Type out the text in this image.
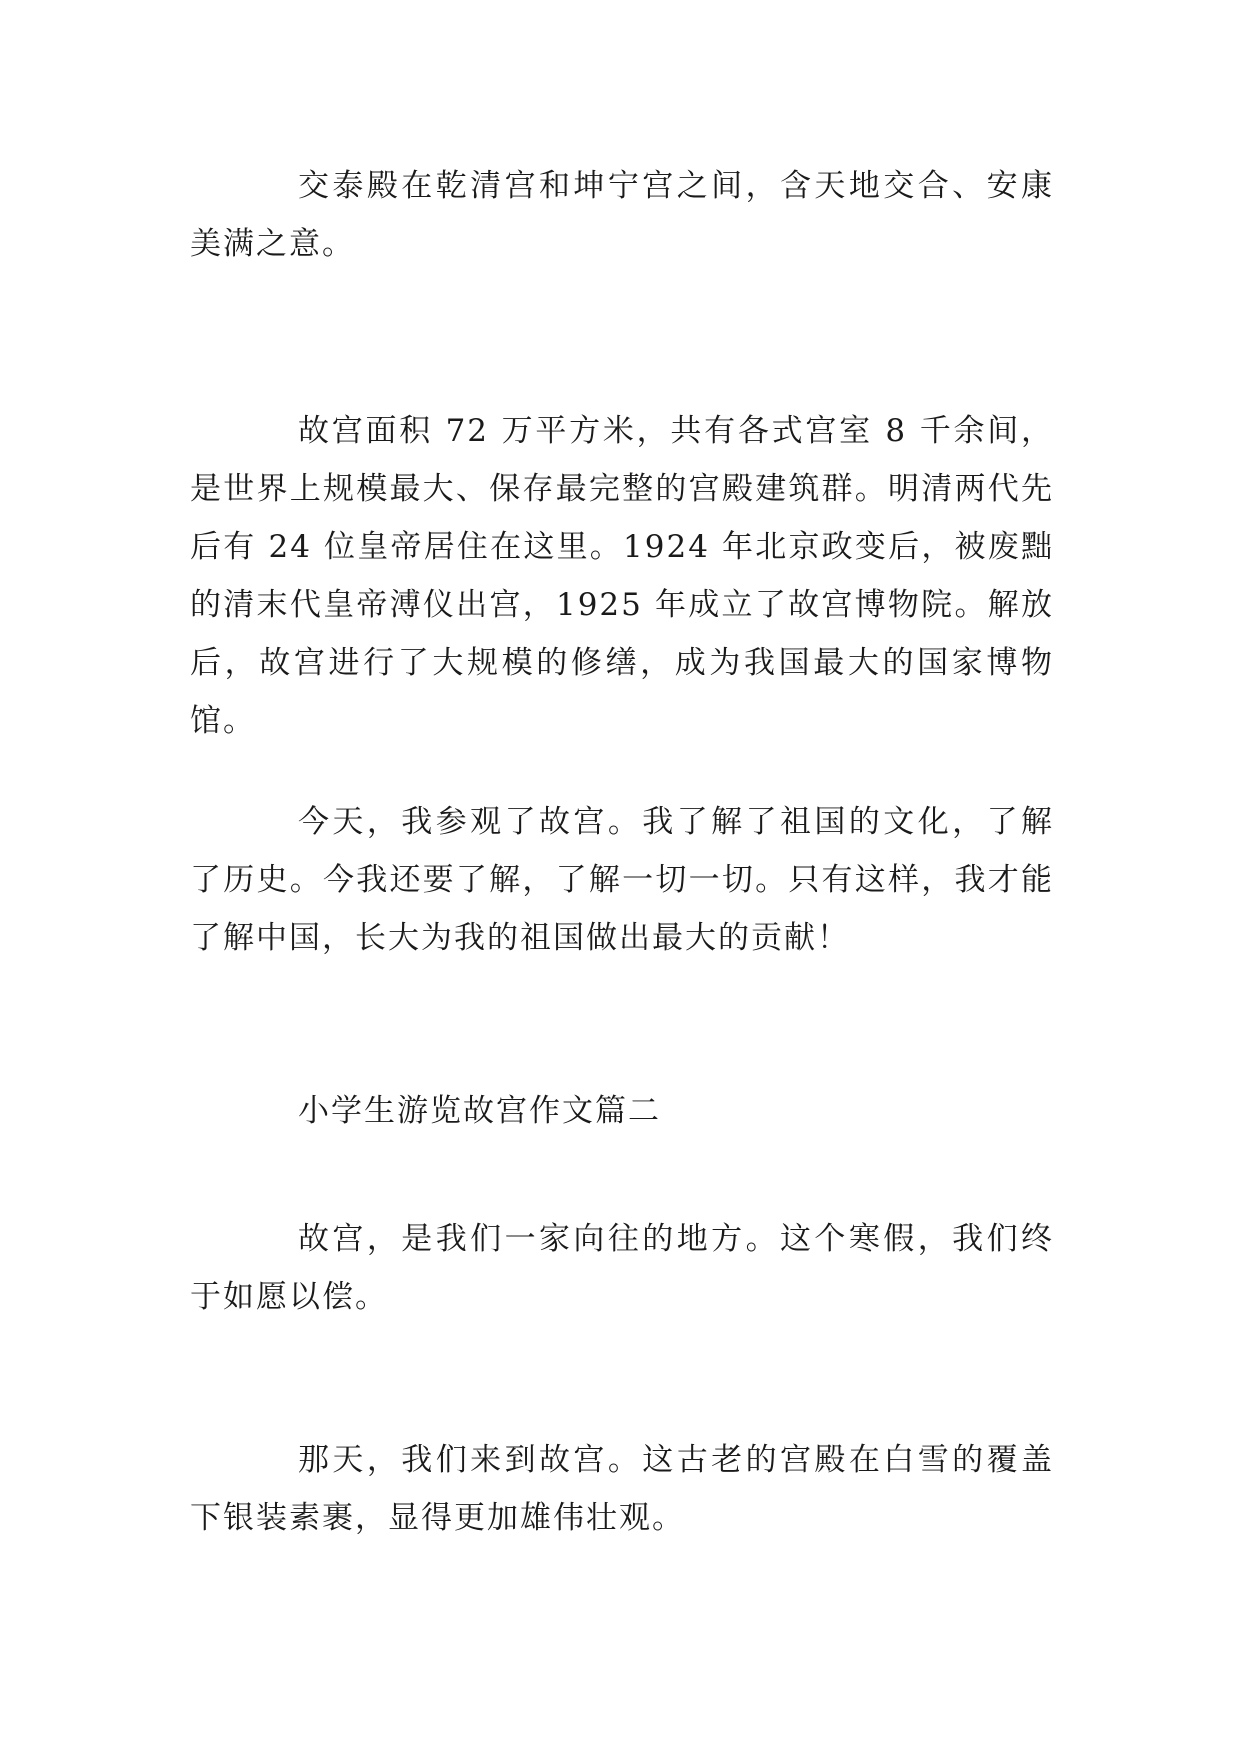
交泰殿在乾清宫和坤宁宫之间，含天地交合、安康美满之意。

故宫面积 72 万平方米，共有各式宫室 8 千余间，是世界上规模最大、保存最完整的宫殿建筑群。明清两代先后有 24 位皇帝居住在这里。1924 年北京政变后，被废黜的清末代皇帝溥仪出宫，1925 年成立了故宫博物院。解放后，故宫进行了大规模的修缮，成为我国最大的国家博物馆。

今天，我参观了故宫。我了解了祖国的文化，了解了历史。今我还要了解，了解一切一切。只有这样，我才能了解中国，长大为我的祖国做出最大的贡献！

小学生游览故宫作文篇二

故宫，是我们一家向往的地方。这个寒假，我们终于如愿以偿。

那天，我们来到故宫。这古老的宫殿在白雪的覆盖下银装素裹，显得更加雄伟壮观。
